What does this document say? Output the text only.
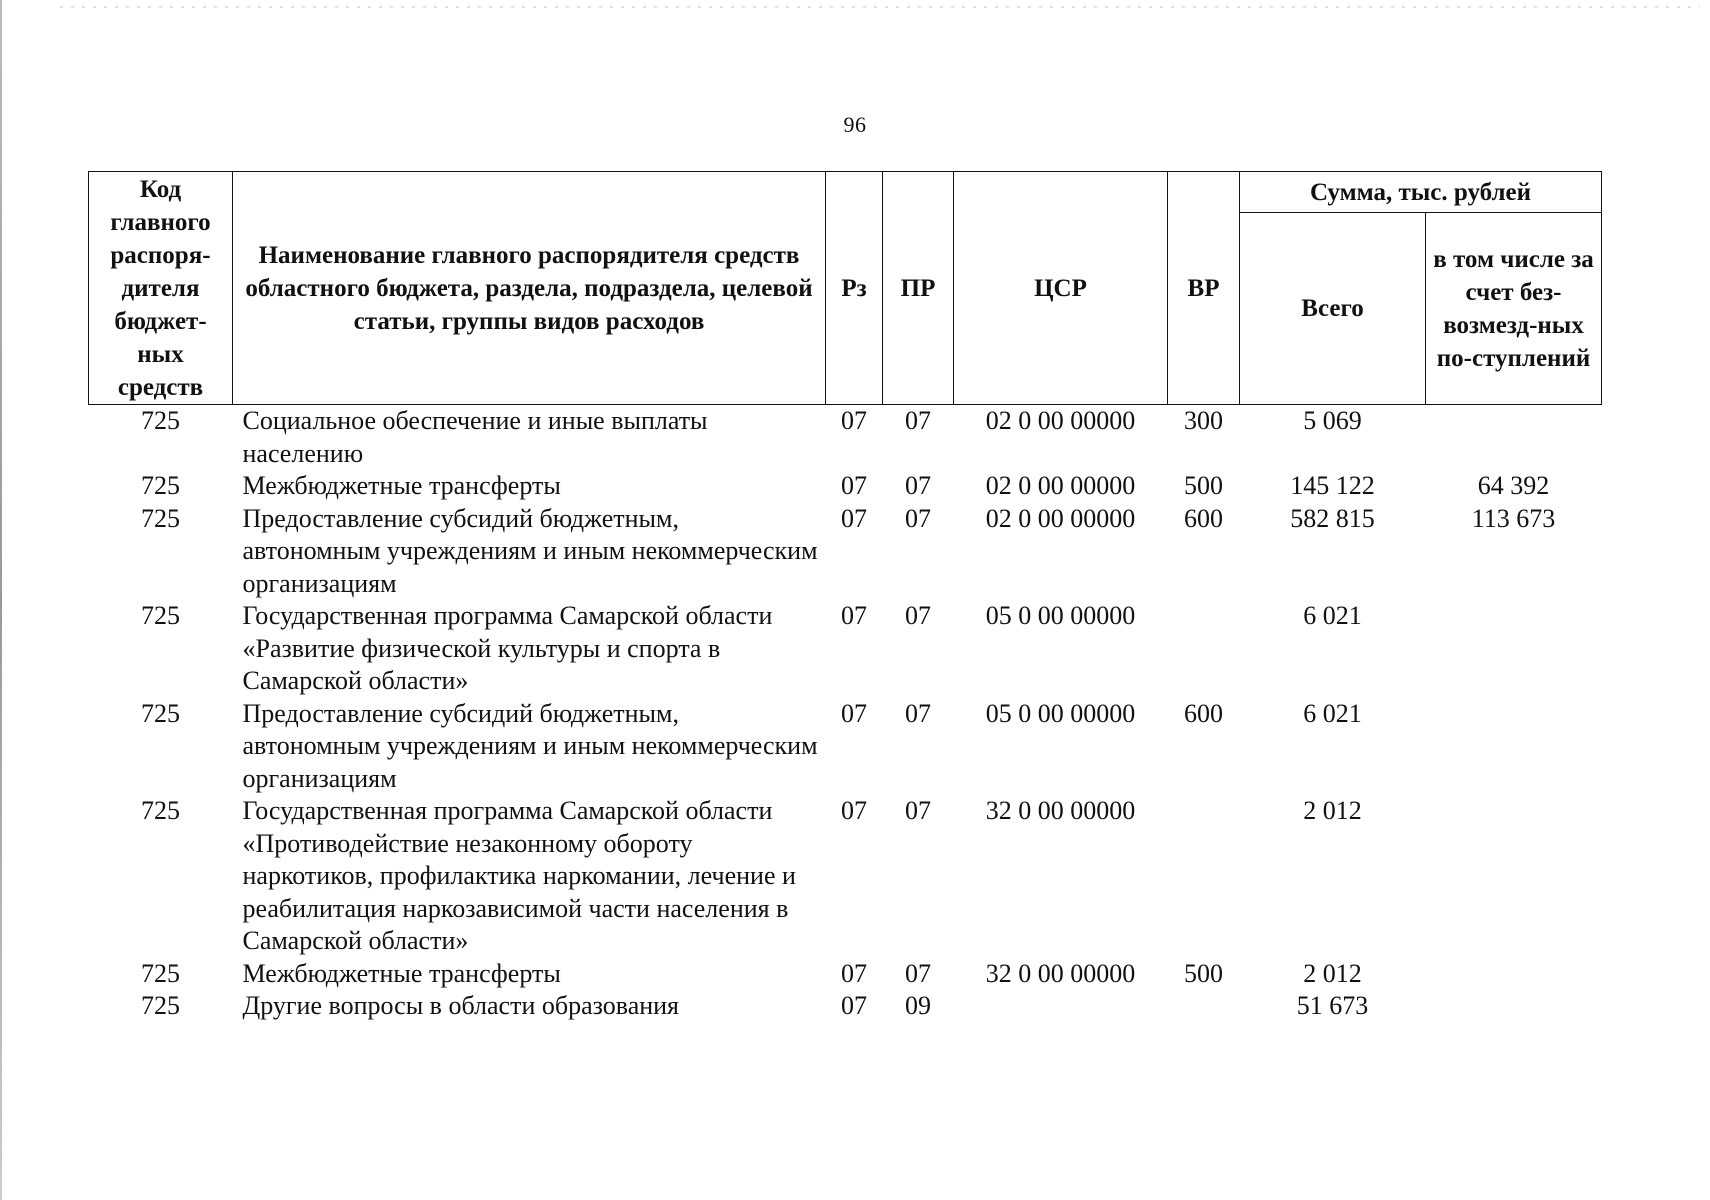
96
Код главного распоря-дителя бюджет-ных средств	Наименование главного распорядителя средств областного бюджета, раздела, подраздела, целевой статьи, группы видов расходов	Рз	ПР	ЦСР	ВР	Сумма, тыс. рублей	
						Всего	в том числе за счет без-возмезд-ных по-ступлений
725	Социальное обеспечение и иные выплаты населению	07	07	02 0 00 00000	300	5 069	
725	Межбюджетные трансферты	07	07	02 0 00 00000	500	145 122	64 392
725	Предоставление субсидий бюджетным, автономным учреждениям и иным некоммерческим организациям	07	07	02 0 00 00000	600	582 815	113 673
725	Государственная программа Самарской области «Развитие физической культуры и спорта в Самарской области»	07	07	05 0 00 00000		6 021	
725	Предоставление субсидий бюджетным, автономным учреждениям и иным некоммерческим организациям	07	07	05 0 00 00000	600	6 021	
725	Государственная программа Самарской области «Противодействие незаконному обороту наркотиков, профилактика наркомании, лечение и реабилитация наркозависимой части населения в Самарской области»	07	07	32 0 00 00000		2 012	
725	Межбюджетные трансферты	07	07	32 0 00 00000	500	2 012	
725	Другие вопросы в области образования	07	09			51 673	
